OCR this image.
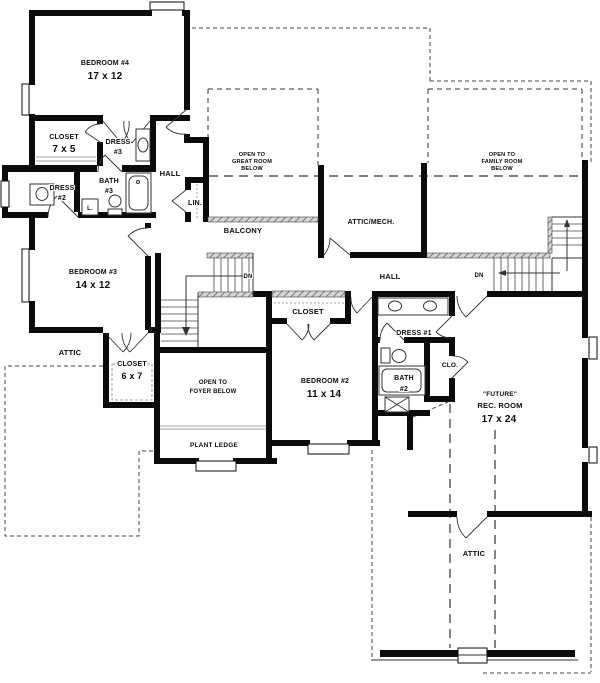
BEDROOM #4
17 x 12
CLOSET
7 x 5
DRESS
#3
HALL
BATH
#3
L.
DRESS
#2
LIN.
BEDROOM #3
14 x 12
OPEN TO
GREAT ROOM
BELOW
BALCONY
ATTIC/MECH.
OPEN TO
FAMILY ROOM
BELOW
HALL
DN	DN
ATTIC
CLOSET
6 x 7
OPEN TO
FOYER BELOW
PLANT LEDGE
CLOSET
BEDROOM #2
11 x 14
DRESS #1
BATH
#2
CLO.
"FUTURE"
REC. ROOM
17 x 24
ATTIC
